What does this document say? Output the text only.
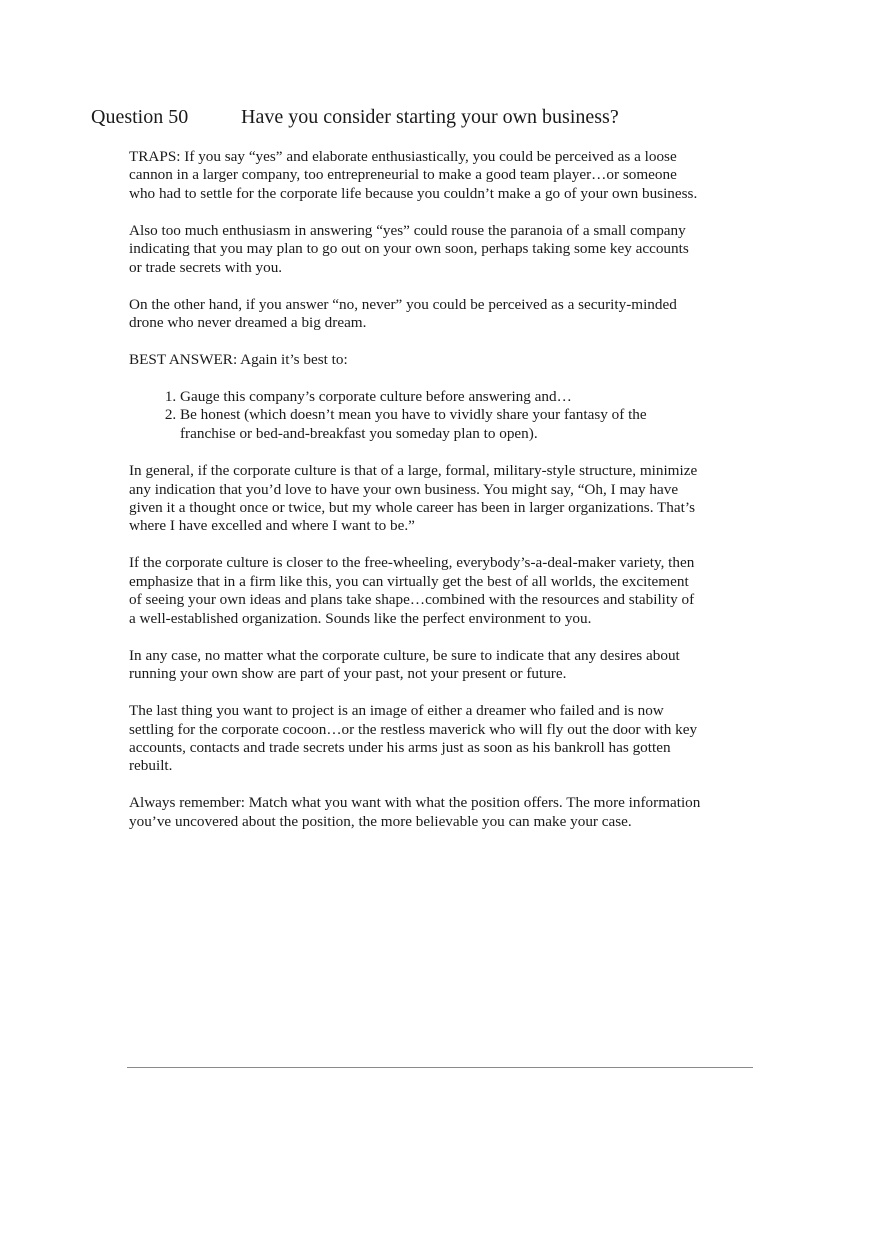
Question 50	Have you consider starting your own business?

TRAPS: If you say “yes” and elaborate enthusiastically, you could be perceived as a loose cannon in a larger company, too entrepreneurial to make a good team player…or someone who had to settle for the corporate life because you couldn’t make a go of your own business.

Also too much enthusiasm in answering “yes” could rouse the paranoia of a small company indicating that you may plan to go out on your own soon, perhaps taking some key accounts or trade secrets with you.

On the other hand, if you answer “no, never” you could be perceived as a security-minded drone who never dreamed a big dream.

BEST ANSWER: Again it’s best to:

1. Gauge this company’s corporate culture before answering and…
2. Be honest (which doesn’t mean you have to vividly share your fantasy of the franchise or bed-and-breakfast you someday plan to open).

In general, if the corporate culture is that of a large, formal, military-style structure, minimize any indication that you’d love to have your own business. You might say, “Oh, I may have given it a thought once or twice, but my whole career has been in larger organizations. That’s where I have excelled and where I want to be.”

If the corporate culture is closer to the free-wheeling, everybody’s-a-deal-maker variety, then emphasize that in a firm like this, you can virtually get the best of all worlds, the excitement of seeing your own ideas and plans take shape…combined with the resources and stability of a well-established organization. Sounds like the perfect environment to you.

In any case, no matter what the corporate culture, be sure to indicate that any desires about running your own show are part of your past, not your present or future.

The last thing you want to project is an image of either a dreamer who failed and is now settling for the corporate cocoon…or the restless maverick who will fly out the door with key accounts, contacts and trade secrets under his arms just as soon as his bankroll has gotten rebuilt.

Always remember: Match what you want with what the position offers. The more information you’ve uncovered about the position, the more believable you can make your case.
